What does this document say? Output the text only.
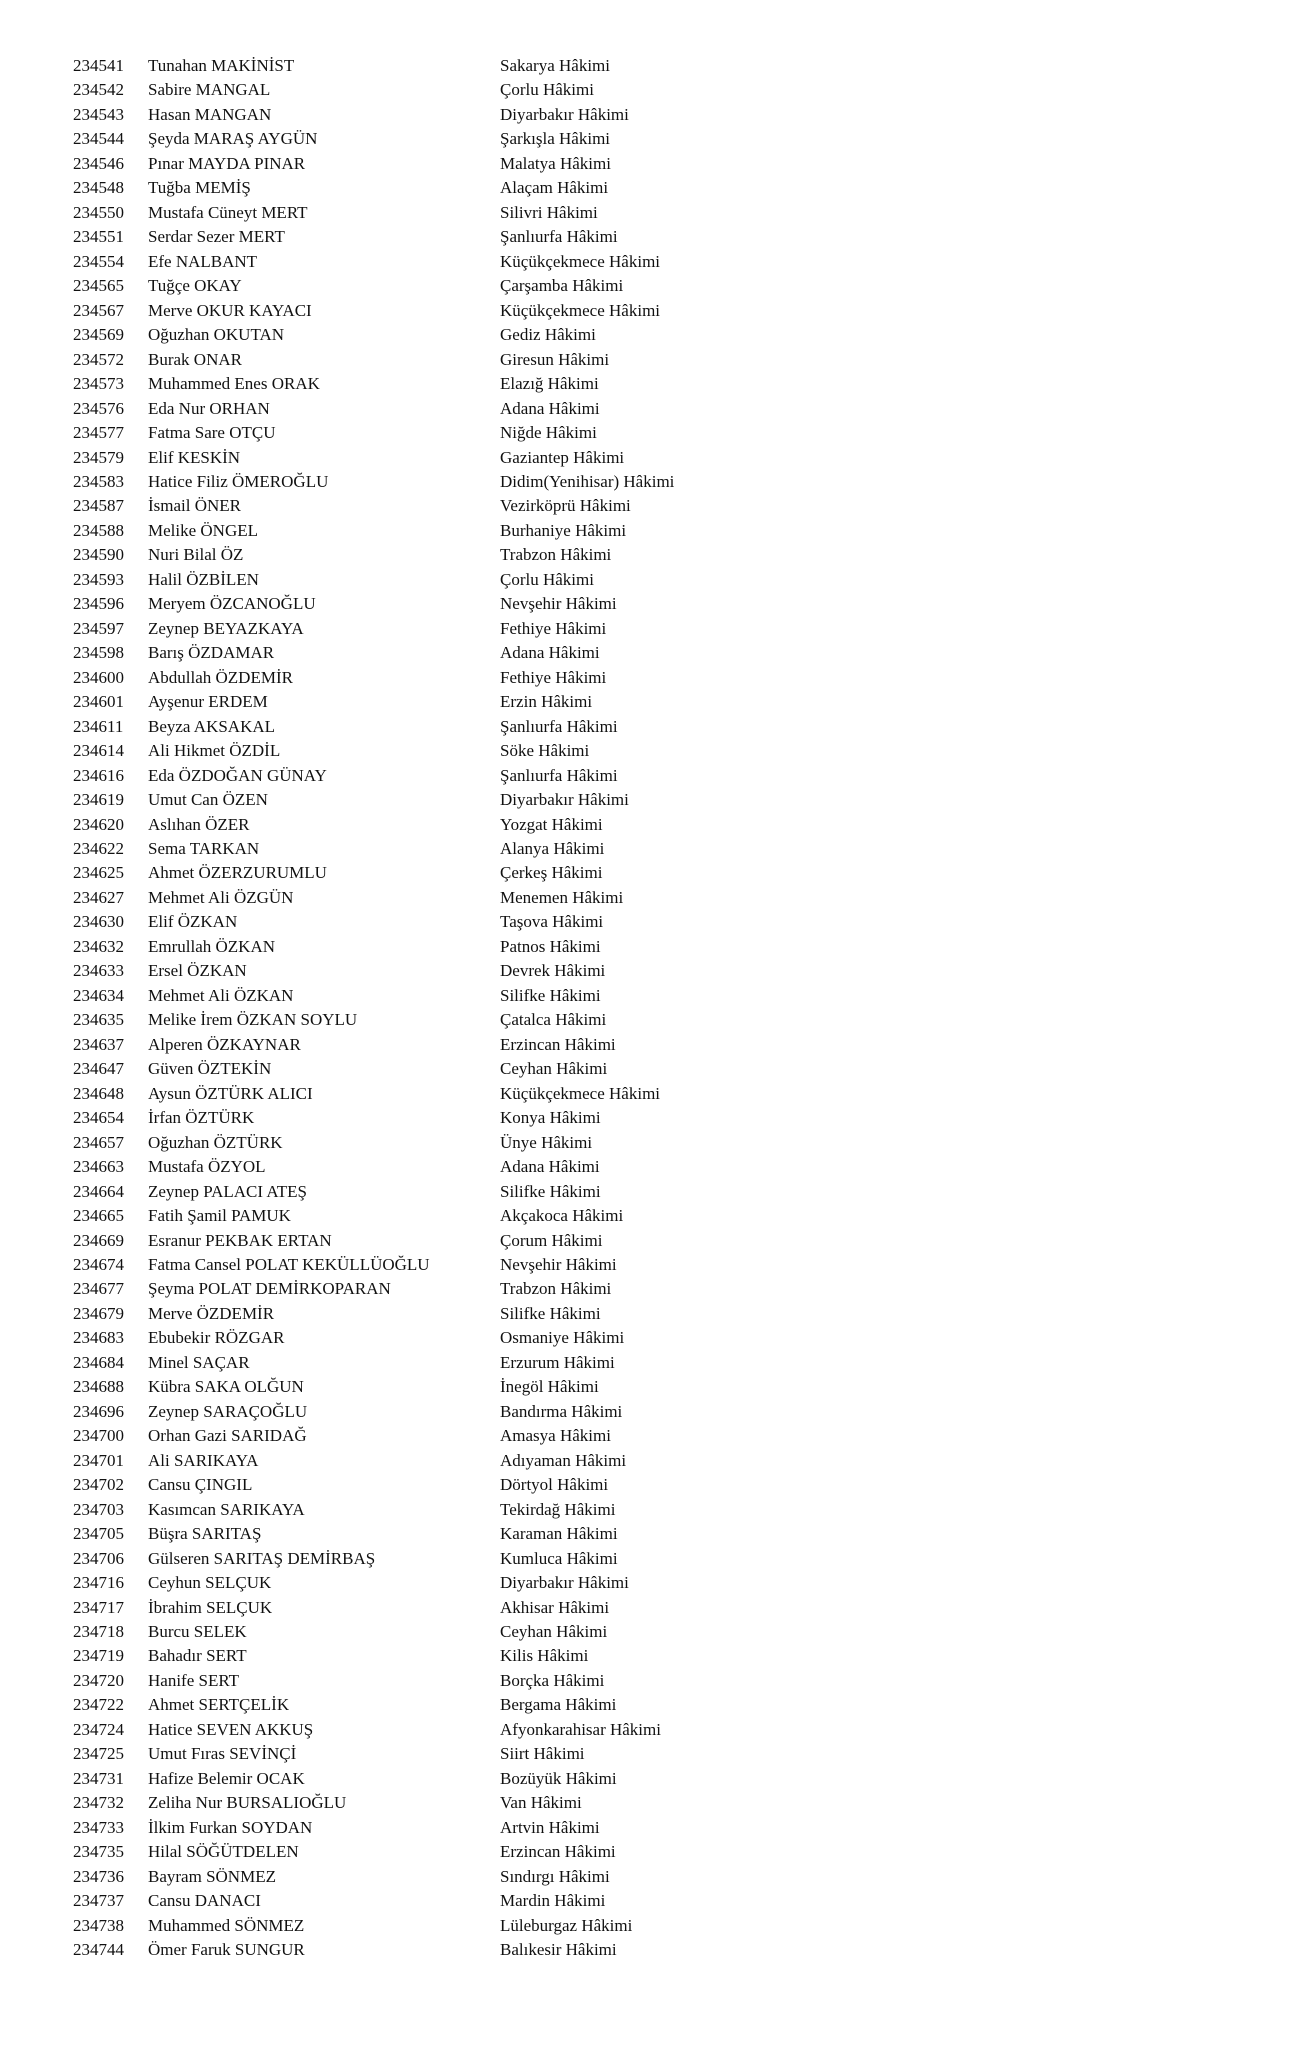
234541 Tunahan MAKİNİST	Sakarya Hâkimi
234542 Sabire MANGAL	Çorlu Hâkimi
234543 Hasan MANGAN	Diyarbakır Hâkimi
234544 Şeyda MARAŞ AYGÜN	Şarkışla Hâkimi
234546 Pınar MAYDA PINAR	Malatya Hâkimi
234548 Tuğba MEMİŞ	Alaçam Hâkimi
234550 Mustafa Cüneyt MERT	Silivri Hâkimi
234551 Serdar Sezer MERT	Şanlıurfa Hâkimi
234554 Efe NALBANT	Küçükçekmece Hâkimi
234565 Tuğçe OKAY	Çarşamba Hâkimi
234567 Merve OKUR KAYACI	Küçükçekmece Hâkimi
234569 Oğuzhan OKUTAN	Gediz Hâkimi
234572 Burak ONAR	Giresun Hâkimi
234573 Muhammed Enes ORAK	Elazığ Hâkimi
234576 Eda Nur ORHAN	Adana Hâkimi
234577 Fatma Sare OTÇU	Niğde Hâkimi
234579 Elif KESKİN	Gaziantep Hâkimi
234583 Hatice Filiz ÖMEROĞLU	Didim(Yenihisar) Hâkimi
234587 İsmail ÖNER	Vezirköprü Hâkimi
234588 Melike ÖNGEL	Burhaniye Hâkimi
234590 Nuri Bilal ÖZ	Trabzon Hâkimi
234593 Halil ÖZBİLEN	Çorlu Hâkimi
234596 Meryem ÖZCANOĞLU	Nevşehir Hâkimi
234597 Zeynep BEYAZKAYA	Fethiye Hâkimi
234598 Barış ÖZDAMAR	Adana Hâkimi
234600 Abdullah ÖZDEMİR	Fethiye Hâkimi
234601 Ayşenur ERDEM	Erzin Hâkimi
234611 Beyza AKSAKAL	Şanlıurfa Hâkimi
234614 Ali Hikmet ÖZDİL	Söke Hâkimi
234616 Eda ÖZDOĞAN GÜNAY	Şanlıurfa Hâkimi
234619 Umut Can ÖZEN	Diyarbakır Hâkimi
234620 Aslıhan ÖZER	Yozgat Hâkimi
234622 Sema TARKAN	Alanya Hâkimi
234625 Ahmet ÖZERZURUMLU	Çerkeş Hâkimi
234627 Mehmet Ali ÖZGÜN	Menemen Hâkimi
234630 Elif ÖZKAN	Taşova Hâkimi
234632 Emrullah ÖZKAN	Patnos Hâkimi
234633 Ersel ÖZKAN	Devrek Hâkimi
234634 Mehmet Ali ÖZKAN	Silifke Hâkimi
234635 Melike İrem ÖZKAN SOYLU	Çatalca Hâkimi
234637 Alperen ÖZKAYNAR	Erzincan Hâkimi
234647 Güven ÖZTEKİN	Ceyhan Hâkimi
234648 Aysun ÖZTÜRK ALICI	Küçükçekmece Hâkimi
234654 İrfan ÖZTÜRK	Konya Hâkimi
234657 Oğuzhan ÖZTÜRK	Ünye Hâkimi
234663 Mustafa ÖZYOL	Adana Hâkimi
234664 Zeynep PALACI ATEŞ	Silifke Hâkimi
234665 Fatih Şamil PAMUK	Akçakoca Hâkimi
234669 Esranur PEKBAK ERTAN	Çorum Hâkimi
234674 Fatma Cansel POLAT KEKÜLLÜOĞLU	Nevşehir Hâkimi
234677 Şeyma POLAT DEMİRKOPARAN	Trabzon Hâkimi
234679 Merve ÖZDEMİR	Silifke Hâkimi
234683 Ebubekir RÖZGAR	Osmaniye Hâkimi
234684 Minel SAÇAR	Erzurum Hâkimi
234688 Kübra SAKA OLĞUN	İnegöl Hâkimi
234696 Zeynep SARAÇOĞLU	Bandırma Hâkimi
234700 Orhan Gazi SARIDAĞ	Amasya Hâkimi
234701 Ali SARIKAYA	Adıyaman Hâkimi
234702 Cansu ÇINGIL	Dörtyol Hâkimi
234703 Kasımcan SARIKAYA	Tekirdağ Hâkimi
234705 Büşra SARITAŞ	Karaman Hâkimi
234706 Gülseren SARITAŞ DEMİRBAŞ	Kumluca Hâkimi
234716 Ceyhun SELÇUK	Diyarbakır Hâkimi
234717 İbrahim SELÇUK	Akhisar Hâkimi
234718 Burcu SELEK	Ceyhan Hâkimi
234719 Bahadır SERT	Kilis Hâkimi
234720 Hanife SERT	Borçka Hâkimi
234722 Ahmet SERTÇELİK	Bergama Hâkimi
234724 Hatice SEVEN AKKUŞ	Afyonkarahisar Hâkimi
234725 Umut Fıras SEVİNÇİ	Siirt Hâkimi
234731 Hafize Belemir OCAK	Bozüyük Hâkimi
234732 Zeliha Nur BURSALIOĞLU	Van Hâkimi
234733 İlkim Furkan SOYDAN	Artvin Hâkimi
234735 Hilal SÖĞÜTDELEN	Erzincan Hâkimi
234736 Bayram SÖNMEZ	Sındırgı Hâkimi
234737 Cansu DANACI	Mardin Hâkimi
234738 Muhammed SÖNMEZ	Lüleburgaz Hâkimi
234744 Ömer Faruk SUNGUR	Balıkesir Hâkimi
